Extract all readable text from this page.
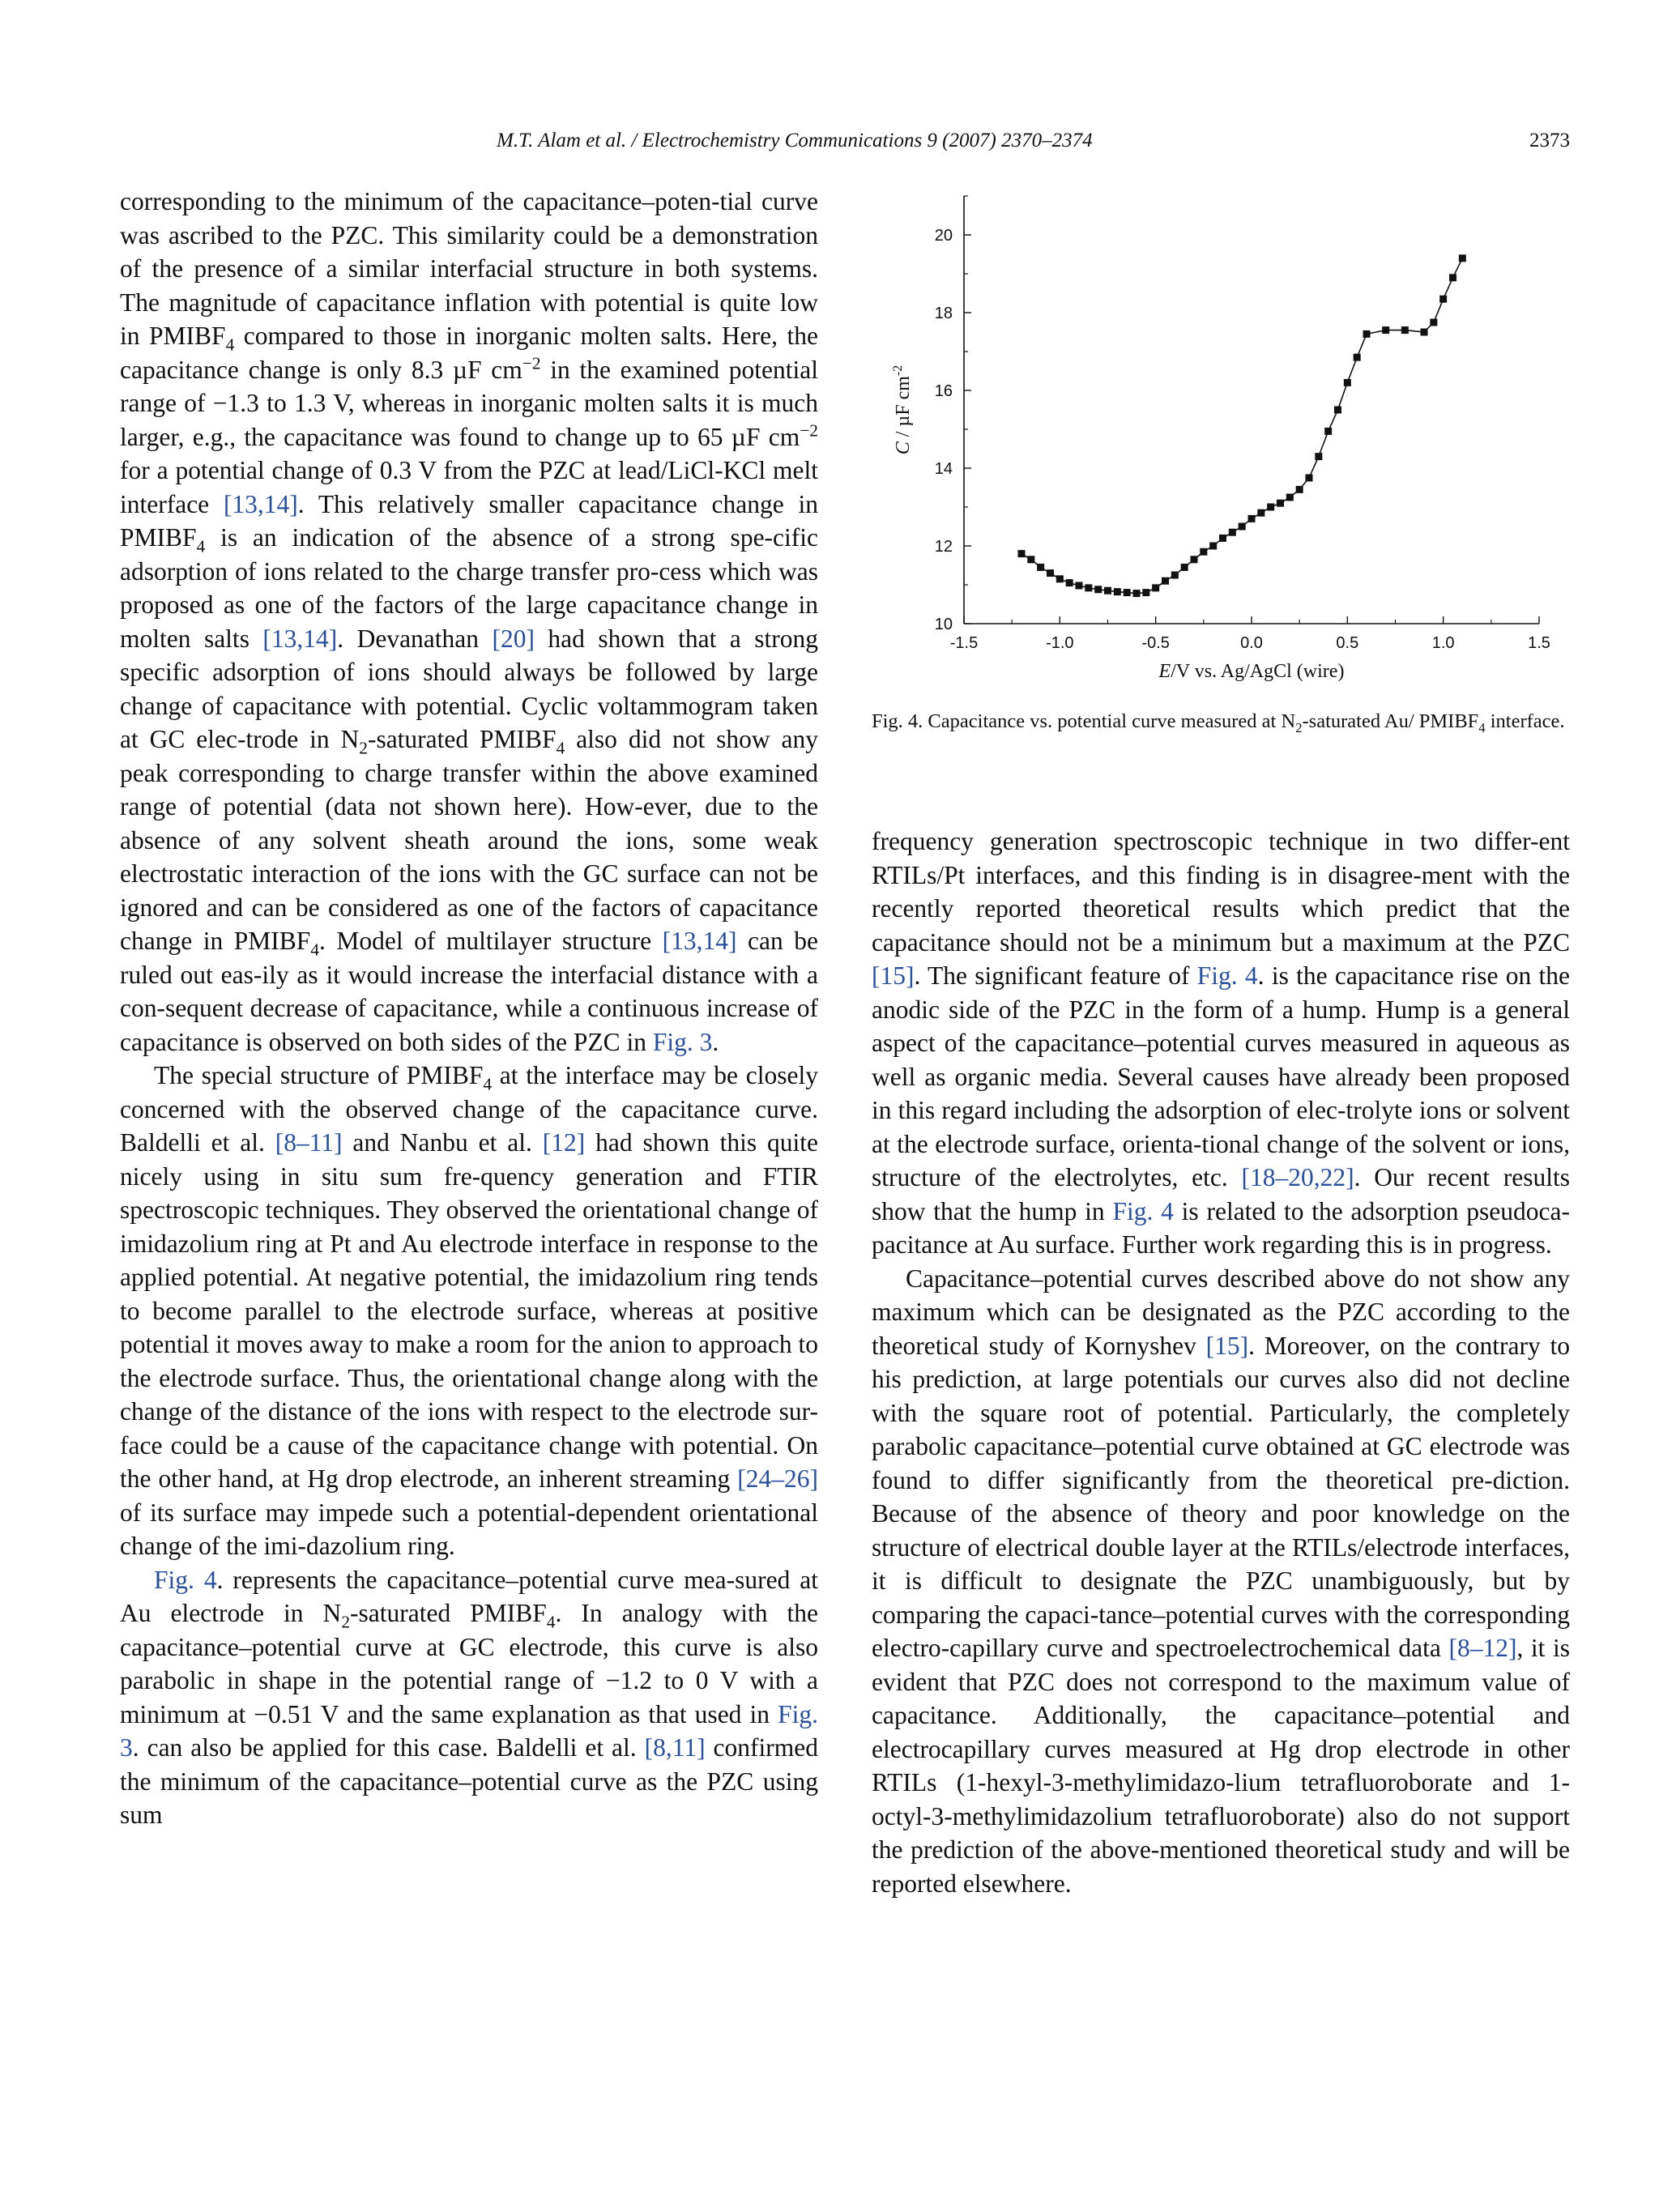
M.T. Alam et al. / Electrochemistry Communications 9 (2007) 2370–2374	2373

corresponding to the minimum of the capacitance–poten-tial curve was ascribed to the PZC. This similarity could be a demonstration of the presence of a similar interfacial structure in both systems. The magnitude of capacitance inflation with potential is quite low in $PMIBF_4$ compared to those in inorganic molten salts. Here, the capacitance change is only 8.3 µF $cm^{-2}$ in the examined potential range of −1.3 to 1.3 V, whereas in inorganic molten salts it is much larger, e.g., the capacitance was found to change up to 65 µF $cm^{-2}$ for a potential change of 0.3 V from the PZC at lead/LiCl-KCl melt interface [13,14]. This relatively smaller capacitance change in $PMIBF_4$ is an indication of the absence of a strong spe-cific adsorption of ions related to the charge transfer pro-cess which was proposed as one of the factors of the large capacitance change in molten salts [13,14]. Devanathan [20] had shown that a strong specific adsorption of ions should always be followed by large change of capacitance with potential. Cyclic voltammogram taken at GC elec-trode in $N_2$-saturated $PMIBF_4$ also did not show any peak corresponding to charge transfer within the above examined range of potential (data not shown here). How-ever, due to the absence of any solvent sheath around the ions, some weak electrostatic interaction of the ions with the GC surface can not be ignored and can be considered as one of the factors of capacitance change in $PMIBF_4$. Model of multilayer structure [13,14] can be ruled out eas-ily as it would increase the interfacial distance with a con-sequent decrease of capacitance, while a continuous increase of capacitance is observed on both sides of the PZC in Fig. 3.

The special structure of $PMIBF_4$ at the interface may be closely concerned with the observed change of the capacitance curve. Baldelli et al. [8–11] and Nanbu et al. [12] had shown this quite nicely using in situ sum fre-quency generation and FTIR spectroscopic techniques. They observed the orientational change of imidazolium ring at Pt and Au electrode interface in response to the applied potential. At negative potential, the imidazolium ring tends to become parallel to the electrode surface, whereas at positive potential it moves away to make a room for the anion to approach to the electrode surface. Thus, the orientational change along with the change of the distance of the ions with respect to the electrode sur-face could be a cause of the capacitance change with potential. On the other hand, at Hg drop electrode, an inherent streaming [24–26] of its surface may impede such a potential-dependent orientational change of the imi-dazolium ring.

Fig. 4. represents the capacitance–potential curve mea-sured at Au electrode in $N_2$-saturated $PMIBF_4$. In analogy with the capacitance–potential curve at GC electrode, this curve is also parabolic in shape in the potential range of −1.2 to 0 V with a minimum at −0.51 V and the same explanation as that used in Fig. 3. can also be applied for this case. Baldelli et al. [8,11] confirmed the minimum of the capacitance–potential curve as the PZC using sum

-1.5	-1.0	-0.5	0.0	0.5	1.0	1.5
10
12
14
16
18
20
E/V vs. Ag/AgCl (wire)
C / µF $cm^{-2}$
Fig. 4. Capacitance vs. potential curve measured at $N_2$-saturated Au/ $PMIBF_4$ interface.

frequency generation spectroscopic technique in two differ-ent RTILs/Pt interfaces, and this finding is in disagree-ment with the recently reported theoretical results which predict that the capacitance should not be a minimum but a maximum at the PZC [15]. The significant feature of Fig. 4. is the capacitance rise on the anodic side of the PZC in the form of a hump. Hump is a general aspect of the capacitance–potential curves measured in aqueous as well as organic media. Several causes have already been proposed in this regard including the adsorption of elec-trolyte ions or solvent at the electrode surface, orienta-tional change of the solvent or ions, structure of the electrolytes, etc. [18–20,22]. Our recent results show that the hump in Fig. 4 is related to the adsorption pseudoca-pacitance at Au surface. Further work regarding this is in progress.

Capacitance–potential curves described above do not show any maximum which can be designated as the PZC according to the theoretical study of Kornyshev [15]. Moreover, on the contrary to his prediction, at large potentials our curves also did not decline with the square root of potential. Particularly, the completely parabolic capacitance–potential curve obtained at GC electrode was found to differ significantly from the theoretical pre-diction. Because of the absence of theory and poor knowledge on the structure of electrical double layer at the RTILs/electrode interfaces, it is difficult to designate the PZC unambiguously, but by comparing the capaci-tance–potential curves with the corresponding electro-capillary curve and spectroelectrochemical data [8–12], it is evident that PZC does not correspond to the maximum value of capacitance. Additionally, the capacitance–potential and electrocapillary curves measured at Hg drop electrode in other RTILs (1-hexyl-3-methylimidazo-lium tetrafluoroborate and 1-octyl-3-methylimidazolium tetrafluoroborate) also do not support the prediction of the above-mentioned theoretical study and will be reported elsewhere.
